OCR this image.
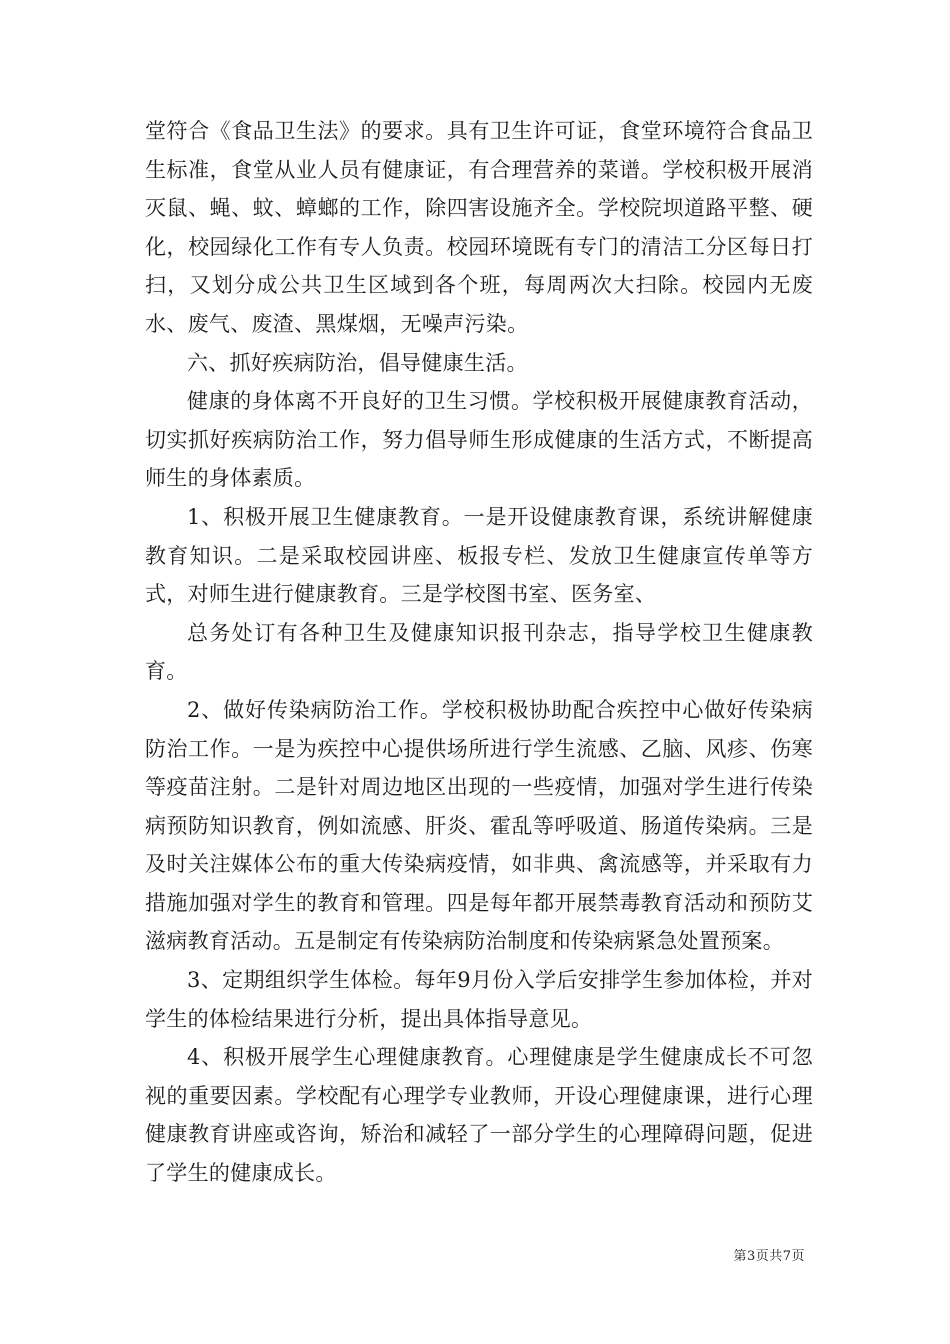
堂符合《食品卫生法》的要求。具有卫生许可证，食堂环境符合食品卫生标准，食堂从业人员有健康证，有合理营养的菜谱。学校积极开展消灭鼠、蝇、蚊、蟑螂的工作，除四害设施齐全。学校院坝道路平整、硬化，校园绿化工作有专人负责。校园环境既有专门的清洁工分区每日打扫，又划分成公共卫生区域到各个班，每周两次大扫除。校园内无废水、废气、废渣、黑煤烟，无噪声污染。

六、抓好疾病防治，倡导健康生活。

健康的身体离不开良好的卫生习惯。学校积极开展健康教育活动，切实抓好疾病防治工作，努力倡导师生形成健康的生活方式，不断提高师生的身体素质。

1、积极开展卫生健康教育。一是开设健康教育课，系统讲解健康教育知识。二是采取校园讲座、板报专栏、发放卫生健康宣传单等方式，对师生进行健康教育。三是学校图书室、医务室、

总务处订有各种卫生及健康知识报刊杂志，指导学校卫生健康教育。

2、做好传染病防治工作。学校积极协助配合疾控中心做好传染病防治工作。一是为疾控中心提供场所进行学生流感、乙脑、风疹、伤寒等疫苗注射。二是针对周边地区出现的一些疫情，加强对学生进行传染病预防知识教育，例如流感、肝炎、霍乱等呼吸道、肠道传染病。三是及时关注媒体公布的重大传染病疫情，如非典、禽流感等，并采取有力措施加强对学生的教育和管理。四是每年都开展禁毒教育活动和预防艾滋病教育活动。五是制定有传染病防治制度和传染病紧急处置预案。

3、定期组织学生体检。每年9月份入学后安排学生参加体检，并对学生的体检结果进行分析，提出具体指导意见。

4、积极开展学生心理健康教育。心理健康是学生健康成长不可忽视的重要因素。学校配有心理学专业教师，开设心理健康课，进行心理健康教育讲座或咨询，矫治和减轻了一部分学生的心理障碍问题，促进了学生的健康成长。

第3页共7页
